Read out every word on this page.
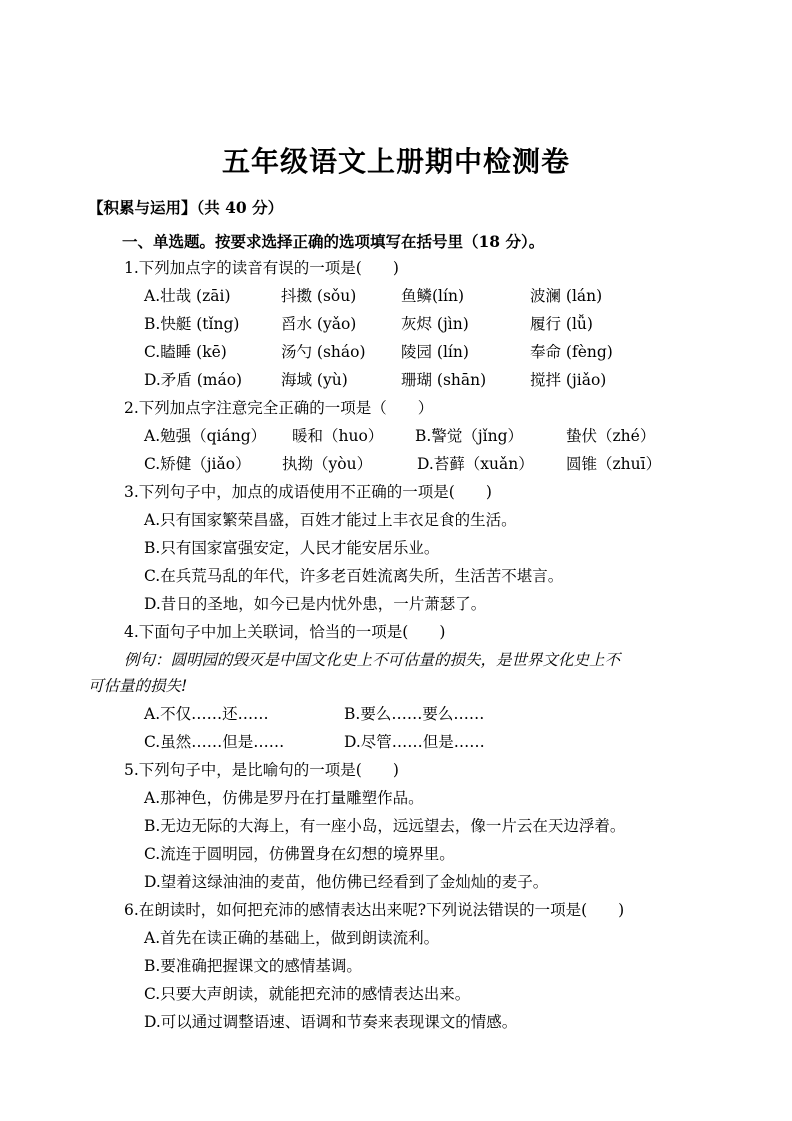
五年级语文上册期中检测卷
【积累与运用】（共 40 分）
一、单选题。按要求选择正确的选项填写在括号里（18 分）。
1.下列加点字的读音有误的一项是(　　)
A.壮哉 (zāi)	抖擞 (sǒu)	鱼鳞(lín)	波澜 (lán)
B.快艇 (tǐng)	舀水 (yǎo)	灰烬 (jìn)	履行 (lǚ)
C.瞌睡 (kē)	汤勺 (sháo) 陵园 (lín)	奉命 (fèng)
D.矛盾 (máo)	海域 (yù)	珊瑚 (shān)	搅拌 (jiǎo)
2.下列加点字注意完全正确的一项是（　　）
A.勉强（qiáng） 暖和（huo） B.警觉（jǐng）	蛰伏（zhé）
C.矫健（jiǎo） 执拗（yòu）	D.苔藓（xuǎn） 圆锥（zhuī）
3.下列句子中，加点的成语使用不正确的一项是(　　)
A.只有国家繁荣昌盛，百姓才能过上丰衣足食的生活。
B.只有国家富强安定，人民才能安居乐业。
C.在兵荒马乱的年代，许多老百姓流离失所，生活苦不堪言。
D.昔日的圣地，如今已是内忧外患，一片萧瑟了。
4.下面句子中加上关联词，恰当的一项是(　　)
例句：圆明园的毁灭是中国文化史上不可估量的损失，是世界文化史上不
可估量的损失!
A.不仅……还……	B.要么……要么……
C.虽然……但是……	D.尽管……但是……
5.下列句子中，是比喻句的一项是(　　)
A.那神色，仿佛是罗丹在打量雕塑作品。
B.无边无际的大海上，有一座小岛，远远望去，像一片云在天边浮着。
C.流连于圆明园，仿佛置身在幻想的境界里。
D.望着这绿油油的麦苗，他仿佛已经看到了金灿灿的麦子。
6.在朗读时，如何把充沛的感情表达出来呢?下列说法错误的一项是(　　)
A.首先在读正确的基础上，做到朗读流利。
B.要准确把握课文的感情基调。
C.只要大声朗读，就能把充沛的感情表达出来。
D.可以通过调整语速、语调和节奏来表现课文的情感。
